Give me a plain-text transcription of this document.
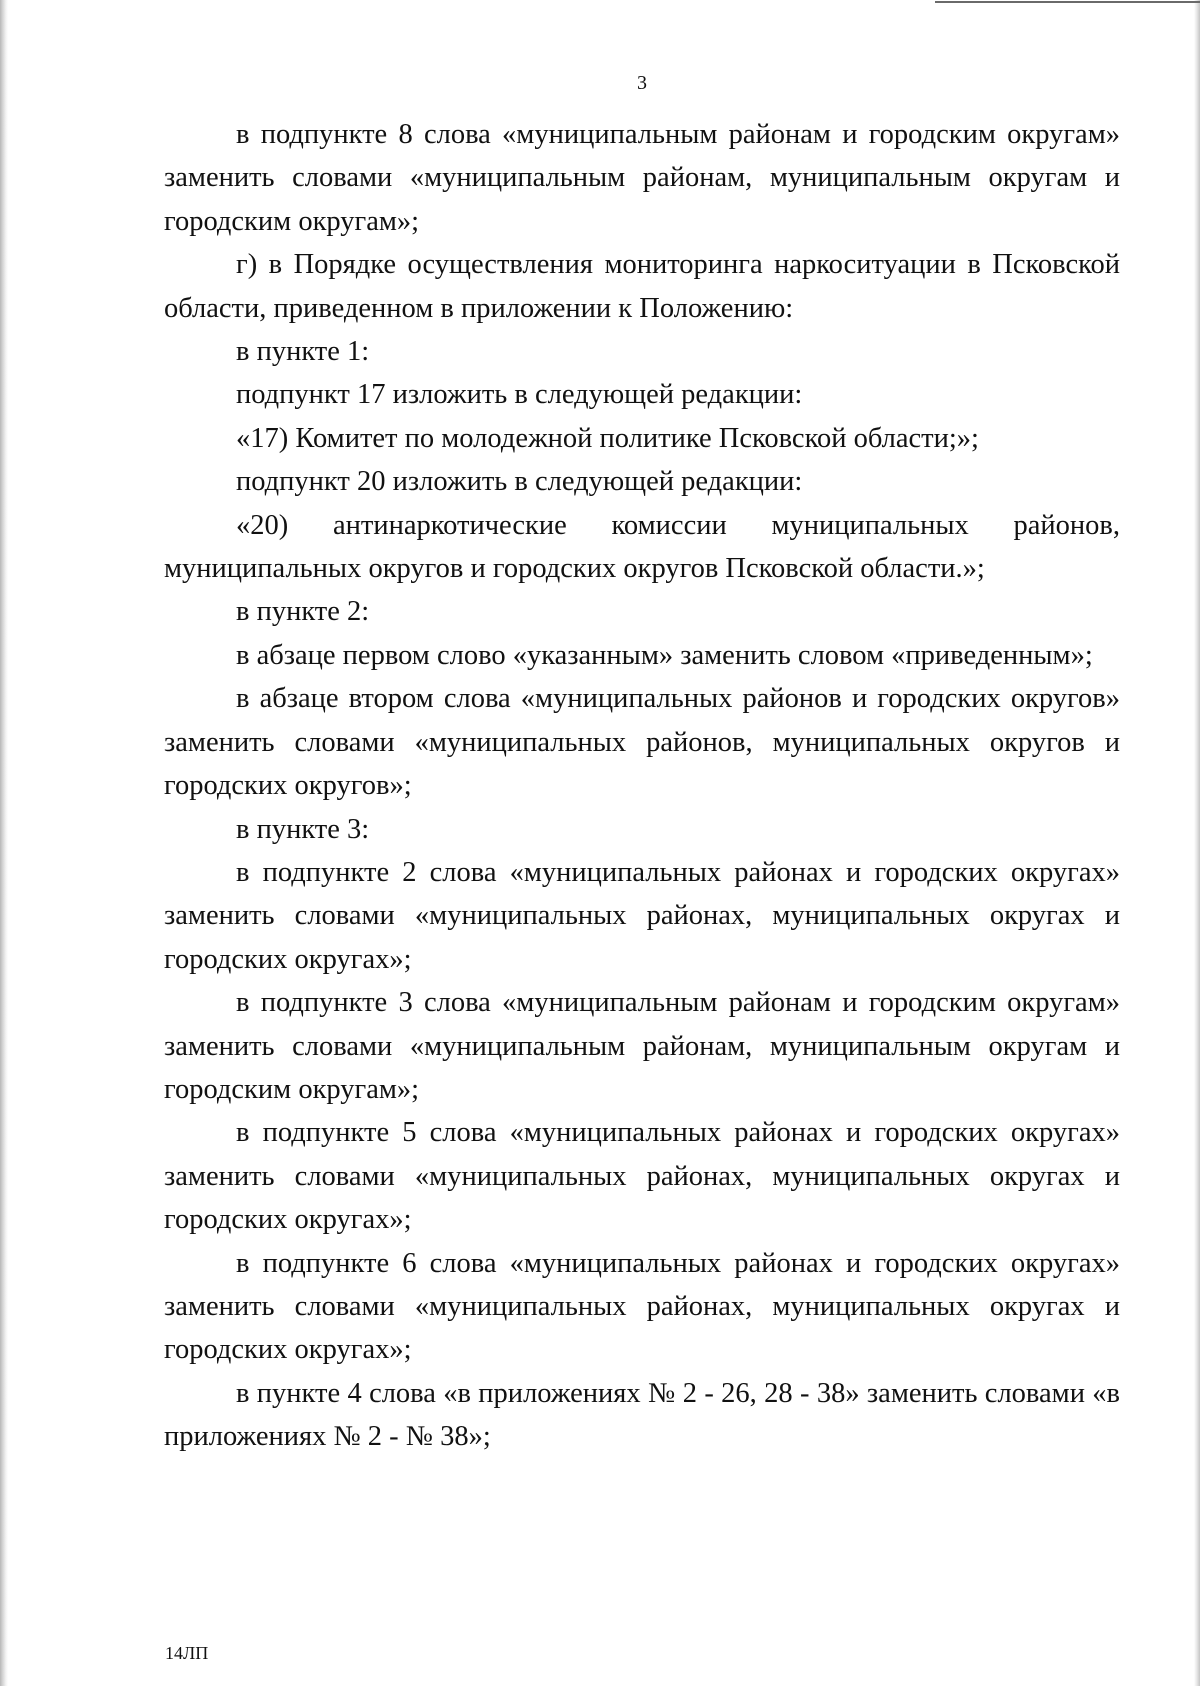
3

в подпункте 8 слова «муниципальным районам и городским округам» заменить словами «муниципальным районам, муниципальным округам и городским округам»;

г) в Порядке осуществления мониторинга наркоситуации в Псковской области, приведенном в приложении к Положению:

в пункте 1:

подпункт 17 изложить в следующей редакции:

«17) Комитет по молодежной политике Псковской области;»;

подпункт 20 изложить в следующей редакции:

«20) антинаркотические комиссии муниципальных районов, муниципальных округов и городских округов Псковской области.»;

в пункте 2:

в абзаце первом слово «указанным» заменить словом «приведенным»;

в абзаце втором слова «муниципальных районов и городских округов» заменить словами «муниципальных районов, муниципальных округов и городских округов»;

в пункте 3:

в подпункте 2 слова «муниципальных районах и городских округах» заменить словами «муниципальных районах, муниципальных округах и городских округах»;

в подпункте 3 слова «муниципальным районам и городским округам» заменить словами «муниципальным районам, муниципальным округам и городским округам»;

в подпункте 5 слова «муниципальных районах и городских округах» заменить словами «муниципальных районах, муниципальных округах и городских округах»;

в подпункте 6 слова «муниципальных районах и городских округах» заменить словами «муниципальных районах, муниципальных округах и городских округах»;

в пункте 4 слова «в приложениях № 2 - 26, 28 - 38» заменить словами «в приложениях № 2 - № 38»;

14ЛП
